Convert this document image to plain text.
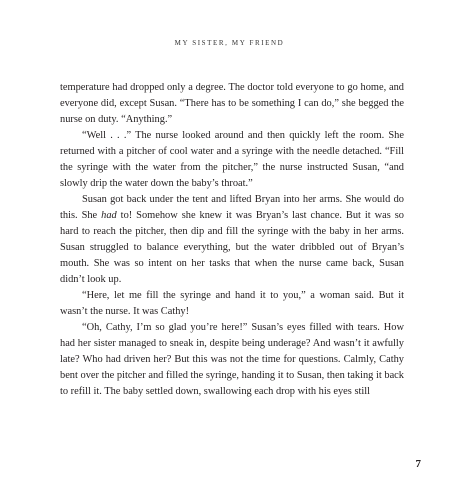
MY SISTER, MY FRIEND

temperature had dropped only a degree. The doctor told everyone to go home, and everyone did, except Susan. “There has to be something I can do,” she begged the nurse on duty. “Anything.”

“Well . . .” The nurse looked around and then quickly left the room. She returned with a pitcher of cool water and a syringe with the needle detached. “Fill the syringe with the water from the pitcher,” the nurse instructed Susan, “and slowly drip the water down the baby’s throat.”

Susan got back under the tent and lifted Bryan into her arms. She would do this. She had to! Somehow she knew it was Bryan’s last chance. But it was so hard to reach the pitcher, then dip and fill the syringe with the baby in her arms. Susan struggled to balance everything, but the water dribbled out of Bryan’s mouth. She was so intent on her tasks that when the nurse came back, Susan didn’t look up.

“Here, let me fill the syringe and hand it to you,” a woman said. But it wasn’t the nurse. It was Cathy!

“Oh, Cathy, I’m so glad you’re here!” Susan’s eyes filled with tears. How had her sister managed to sneak in, despite being underage? And wasn’t it awfully late? Who had driven her? But this was not the time for questions. Calmly, Cathy bent over the pitcher and filled the syringe, handing it to Susan, then taking it back to refill it. The baby settled down, swallowing each drop with his eyes still

7
